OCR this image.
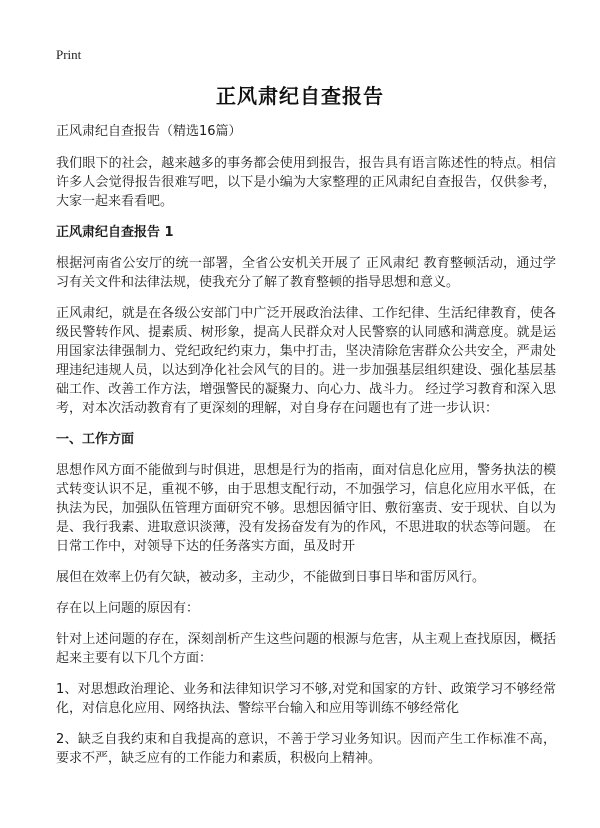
Print
正风肃纪自查报告
正风肃纪自查报告（精选16篇）

我们眼下的社会，越来越多的事务都会使用到报告，报告具有语言陈述性的特点。相信许多人会觉得报告很难写吧，以下是小编为大家整理的正风肃纪自查报告，仅供参考，大家一起来看看吧。

正风肃纪自查报告 1

根据河南省公安厅的统一部署，全省公安机关开展了 正风肃纪 教育整顿活动，通过学习有关文件和法律法规，使我充分了解了教育整顿的指导思想和意义。

正风肃纪，就是在各级公安部门中广泛开展政治法律、工作纪律、生活纪律教育，使各级民警转作风、提素质、树形象，提高人民群众对人民警察的认同感和满意度。就是运用国家法律强制力、党纪政纪约束力，集中打击，坚决清除危害群众公共安全，严肃处理违纪违规人员，以达到净化社会风气的目的。进一步加强基层组织建设、强化基层基础工作、改善工作方法，增强警民的凝聚力、向心力、战斗力。 经过学习教育和深入思考，对本次活动教育有了更深刻的理解，对自身存在问题也有了进一步认识：

一、工作方面

思想作风方面不能做到与时俱进，思想是行为的指南，面对信息化应用，警务执法的模式转变认识不足，重视不够，由于思想支配行动，不加强学习，信息化应用水平低，在执法为民，加强队伍管理方面研究不够。思想因循守旧、敷衍塞责、安于现状、自以为是、我行我素、进取意识淡薄，没有发扬奋发有为的作风，不思进取的状态等问题。 在日常工作中，对领导下达的任务落实方面，虽及时开

展但在效率上仍有欠缺，被动多，主动少，不能做到日事日毕和雷厉风行。

存在以上问题的原因有：

针对上述问题的存在，深刻剖析产生这些问题的根源与危害，从主观上查找原因，概括起来主要有以下几个方面：

1、对思想政治理论、业务和法律知识学习不够,对党和国家的方针、政策学习不够经常化，对信息化应用、网络执法、警综平台输入和应用等训练不够经常化

2、缺乏自我约束和自我提高的意识，不善于学习业务知识。因而产生工作标准不高，要求不严，缺乏应有的工作能力和素质，积极向上精神。
